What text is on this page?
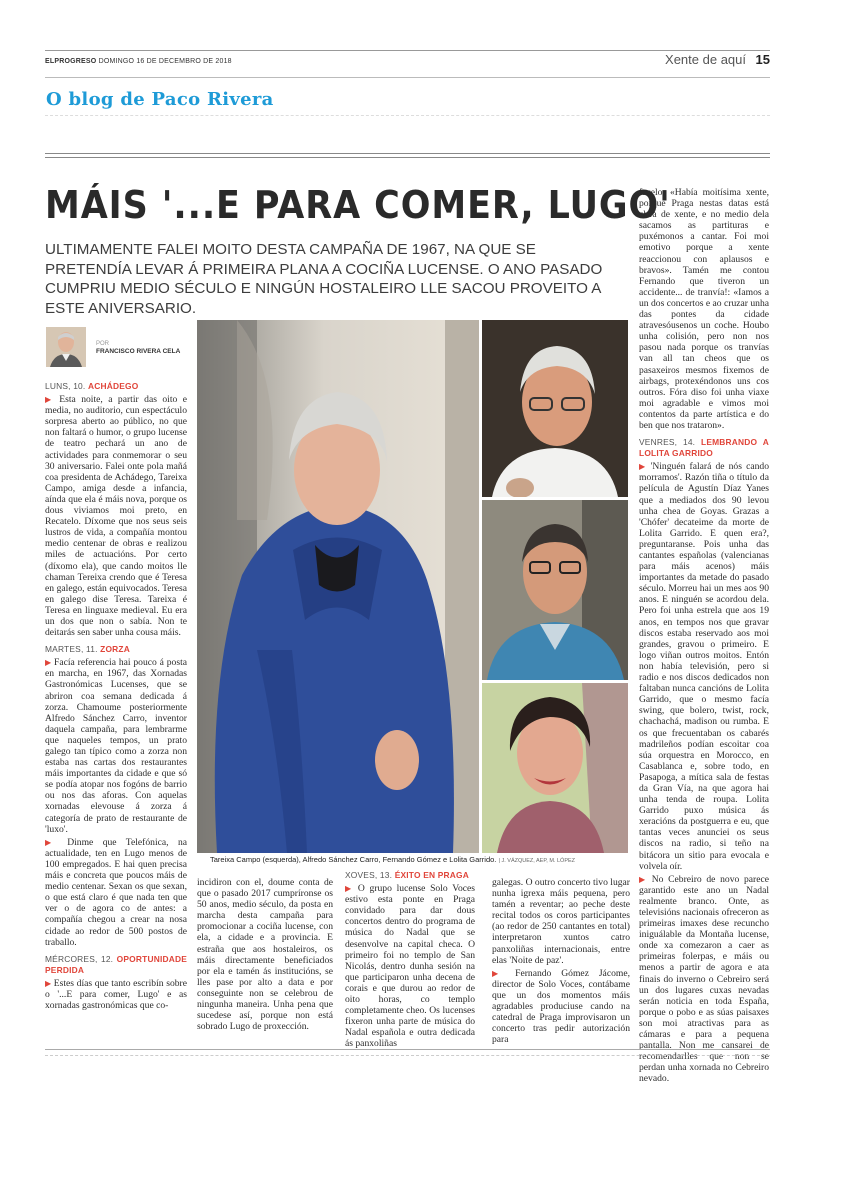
ELPROGRESO DOMINGO 16 DE DECEMBRO DE 2018	Xente de aquí 15
O blog de Paco Rivera
MÁIS '...E PARA COMER, LUGO'
ULTIMAMENTE FALEI MOITO DESTA CAMPAÑA DE 1967, NA QUE SE PRETENDÍA LEVAR Á PRIMEIRA PLANA A COCIÑA LUCENSE. O ANO PASADO CUMPRIU MEDIO SÉCULO E NINGÚN HOSTALEIRO LLE SACOU PROVEITO A ESTE ANIVERSARIO.
POR
FRANCISCO RIVERA CELA
LUNS, 10. ACHÁDEGO

▶ Esta noite, a partir das oito e media, no auditorio, cun espectáculo sorpresa aberto ao público, no que non faltará o humor, o grupo lucense de teatro pechará un ano de actividades para conmemorar o seu 30 aniversario. Falei onte pola mañá coa presidenta de Achádego, Tareixa Campo, amiga desde a infancia, aínda que ela é máis nova, porque os dous viviamos moi preto, en Recatelo. Díxome que nos seus seis lustros de vida, a compañía montou medio centenar de obras e realizou miles de actuacións. Por certo (díxomo ela), que cando moitos lle chaman Tereixa crendo que é Teresa en galego, están equivocados. Teresa en galego dise Teresa. Tareixa é Teresa en linguaxe medieval. Eu era un dos que non o sabía. Non te deitarás sen saber unha cousa máis.

MARTES, 11. ZORZA

▶ Facía referencia hai pouco á posta en marcha, en 1967, das Xornadas Gastronómicas Lucenses, que se abriron coa semana dedicada á zorza. Chamoume posteriormente Alfredo Sánchez Carro, inventor daquela campaña, para lembrarme que naqueles tempos, un prato galego tan típico como a zorza non estaba nas cartas dos restaurantes máis importantes da cidade e que só se podía atopar nos fogóns de barrio ou nos das aforas. Con aquelas xornadas elevouse á zorza á categoría de prato de restaurante de 'luxo'.

▶ Dinme que Telefónica, na actualidade, ten en Lugo menos de 100 empregados. E hai quen precisa máis e concreta que poucos máis de medio centenar. Sexan os que sexan, o que está claro é que nada ten que ver o de agora co de antes: a compañía chegou a crear na nosa cidade ao redor de 500 postos de traballo.

MÉRCORES, 12. OPORTUNIDADE PERDIDA

▶ Estes días que tanto escribín sobre o '...E para comer, Lugo' e as xornadas gastronómicas que co-

Tareixa Campo (esquerda), Alfredo Sánchez Carro, Fernando Gómez e Lolita Garrido. | J. VÁZQUEZ, AEP, M. LÓPEZ

incidiron con el, doume conta de que o pasado 2017 cumpríronse os 50 anos, medio século, da posta en marcha desta campaña para promocionar a cociña lucense, con ela, a cidade e a provincia. E estraña que aos hostaleiros, os máis directamente beneficiados por ela e tamén ás institucións, se lles pase por alto a data e por conseguinte non se celebrou de ningunha maneira. Unha pena que sucedese así, porque non está sobrado Lugo de proxección.

XOVES, 13. ÉXITO EN PRAGA

▶ O grupo lucense Solo Voces estivo esta ponte en Praga convidado para dar dous concertos dentro do programa de música do Nadal que se desenvolve na capital checa. O primeiro foi no templo de San Nicolás, dentro dunha sesión na que participaron unha decena de corais e que durou ao redor de oito horas, co templo completamente cheo. Os lucenses fixeron unha parte de música do Nadal española e outra dedicada ás panxoliñas

galegas. O outro concerto tivo lugar nunha igrexa máis pequena, pero tamén a reventar; ao peche deste recital todos os coros participantes (ao redor de 250 cantantes en total) interpretaron xuntos catro panxoliñas internacionais, entre elas 'Noite de paz'.

▶ Fernando Gómez Jácome, director de Solo Voces, contábame que un dos momentos máis agradables produciuse cando na catedral de Praga improvisaron un concerto tras pedir autorización para

facelo: «Había moitísima xente, porque Praga nestas datas está chea de xente, e no medio dela sacamos as partituras e puxémonos a cantar. Foi moi emotivo porque a xente reaccionou con aplausos e bravos». Tamén me contou Fernando que tiveron un accidente... de tranvía!: «Iamos a un dos concertos e ao cruzar unha das pontes da cidade atravesóusenos un coche. Houbo unha colisión, pero non nos pasou nada porque os tranvías van all tan cheos que os pasaxeiros mesmos fixemos de airbags, protexéndonos uns cos outros. Fóra diso foi unha viaxe moi agradable e vimos moi contentos da parte artística e do ben que nos trataron».

VENRES, 14. LEMBRANDO A LOLITA GARRIDO

▶ 'Ninguén falará de nós cando morramos'. Razón tiña o título da película de Agustín Díaz Yanes que a mediados dos 90 levou unha chea de Goyas. Grazas a 'Chófer' decateime da morte de Lolita Garrido. E quen era?, preguntaranse. Pois unha das cantantes españolas (valencianas para máis acenos) máis importantes da metade do pasado século. Morreu hai un mes aos 90 anos. E ninguén se acordou dela. Pero foi unha estrela que aos 19 anos, en tempos nos que gravar discos estaba reservado aos moi grandes, gravou o primeiro. E logo viñan outros moitos. Entón non había televisión, pero si radio e nos discos dedicados non faltaban nunca cancións de Lolita Garrido, que o mesmo facía swing, que bolero, twist, rock, chachachá, madison ou rumba. E os que frecuentaban os cabarés madrileños podían escoitar coa súa orquestra en Morocco, en Casablanca e, sobre todo, en Pasapoga, a mítica sala de festas da Gran Vía, na que agora hai unha tenda de roupa. Lolita Garrido puxo música ás xeracións da postguerra e eu, que tantas veces anunciei os seus discos na radio, si teño na bitácora un sitio para evocala e volvela oír.

▶ No Cebreiro de novo parece garantido este ano un Nadal realmente branco. Onte, as televisións nacionais ofreceron as primeiras imaxes dese recuncho iniguálable da Montaña lucense, onde xa comezaron a caer as primeiras folerpas, e máis ou menos a partir de agora e ata finais do inverno o Cebreiro será un dos lugares cuxas nevadas serán noticia en toda España, porque o pobo e as súas paisaxes son moi atractivas para as cámaras e para a pequena pantalla. Non me cansarei de recomendarlles que non se perdan unha xornada no Cebreiro nevado.
